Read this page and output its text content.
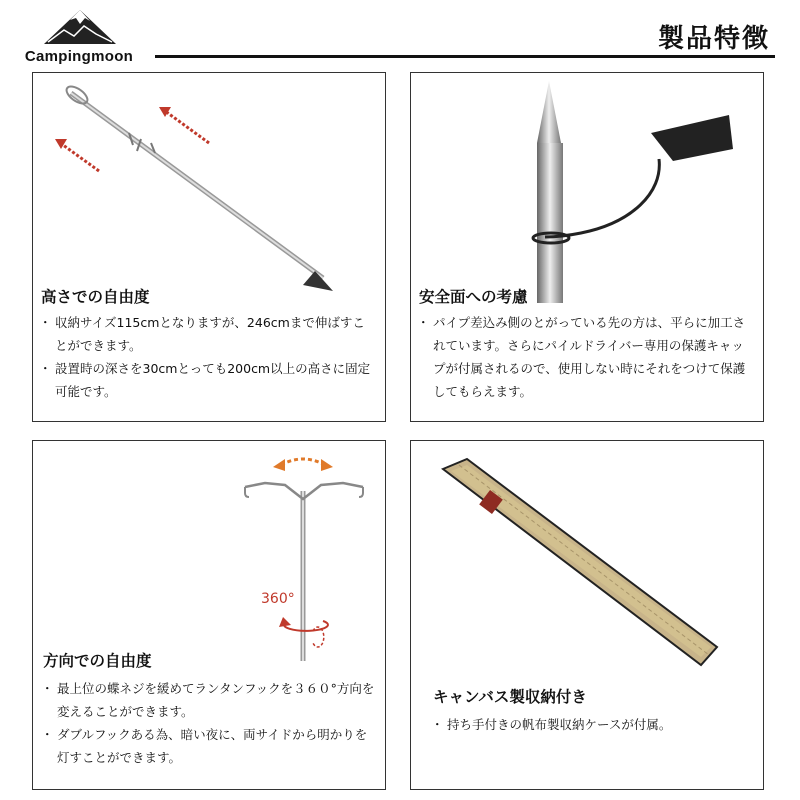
Campingmoon
製品特徴
高さでの自由度
・ 収納サイズ115cmとなりますが、246cmまで伸ばすことができます。
・ 設置時の深さを30cmとっても200cm以上の高さに固定可能です。
安全面への考慮
・ パイプ差込み側のとがっている先の方は、平らに加工されています。さらにパイルドライバー専用の保護キャップが付属されるので、使用しない時にそれをつけて保護してもらえます。
360°
方向での自由度
・ 最上位の蝶ネジを緩めてランタンフックを３６０°方向を変えることができます。
・ ダブルフックある為、暗い夜に、両サイドから明かりを灯すことができます。
キャンバス製収納付き
・ 持ち手付きの帆布製収納ケースが付属。
